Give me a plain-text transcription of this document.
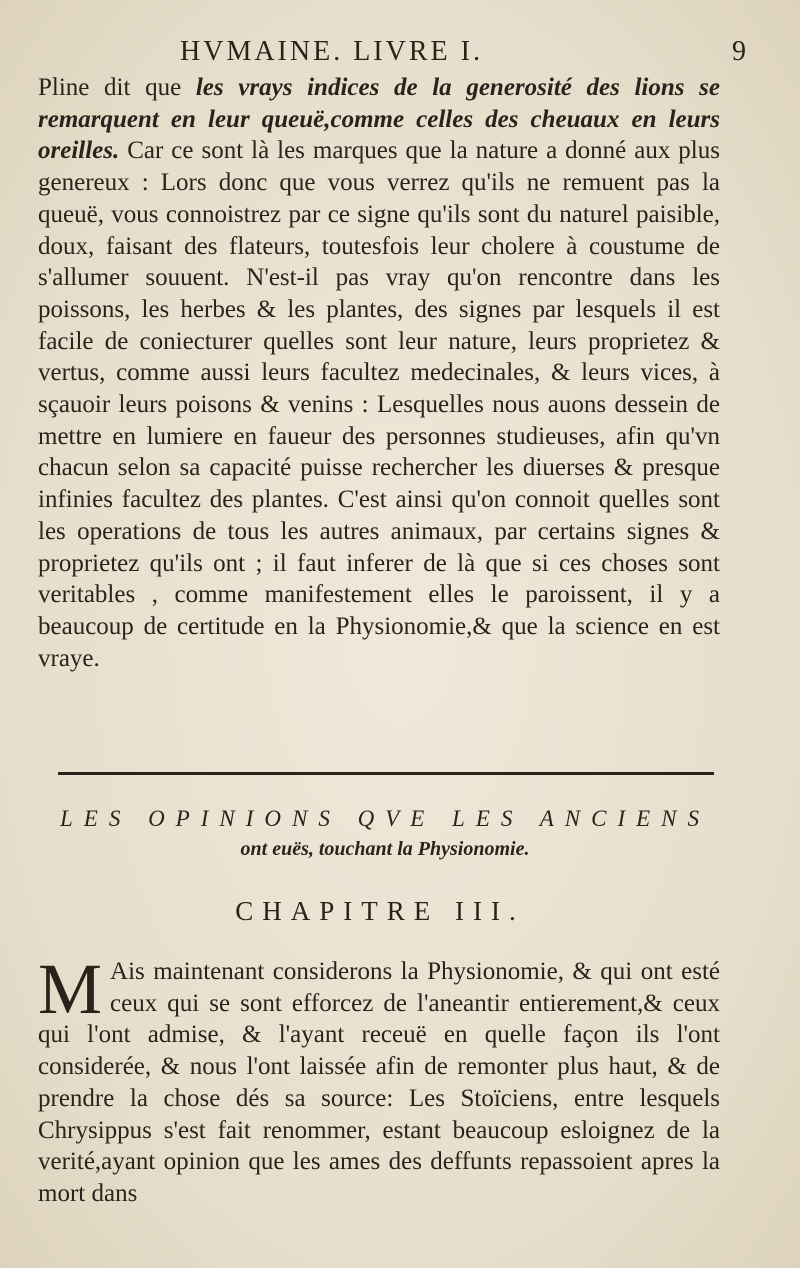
HVMAINE. LIVRE I.	9
Pline dit que les vrays indices de la generosité des lions se remarquent en leur queuë,comme celles des cheuaux en leurs oreilles. Car ce sont là les marques que la nature a donné aux plus genereux : Lors donc que vous verrez qu'ils ne remuent pas la queuë, vous connoistrez par ce signe qu'ils sont du naturel paisible, doux, faisant des flateurs, toutesfois leur cholere à coustume de s'allumer souuent. N'est-il pas vray qu'on rencontre dans les poissons, les herbes & les plantes, des signes par lesquels il est facile de coniecturer quelles sont leur nature, leurs proprietez & vertus, comme aussi leurs facultez medecinales, & leurs vices, à sçauoir leurs poisons & venins : Lesquelles nous auons dessein de mettre en lumiere en faueur des personnes studieuses, afin qu'vn chacun selon sa capacité puisse rechercher les diuerses & presque infinies facultez des plantes. C'est ainsi qu'on connoit quelles sont les operations de tous les autres animaux, par certains signes & proprietez qu'ils ont ; il faut inferer de là que si ces choses sont veritables , comme manifestement elles le paroissent, il y a beaucoup de certitude en la Physionomie,& que la science en est vraye.
LES OPINIONS QVE LES ANCIENS
ont euës, touchant la Physionomie.
CHAPITRE III.
M Ais maintenant considerons la Physionomie, & qui ont esté ceux qui se sont efforcez de l'aneantir entierement,& ceux qui l'ont admise, & l'ayant receuë en quelle façon ils l'ont considerée, & nous l'ont laissée afin de remonter plus haut, & de prendre la chose dés sa source: Les Stoïciens, entre lesquels Chrysippus s'est fait renommer, estant beaucoup esloignez de la verité,ayant opinion que les ames des deffunts repassoient apres la mort dans
